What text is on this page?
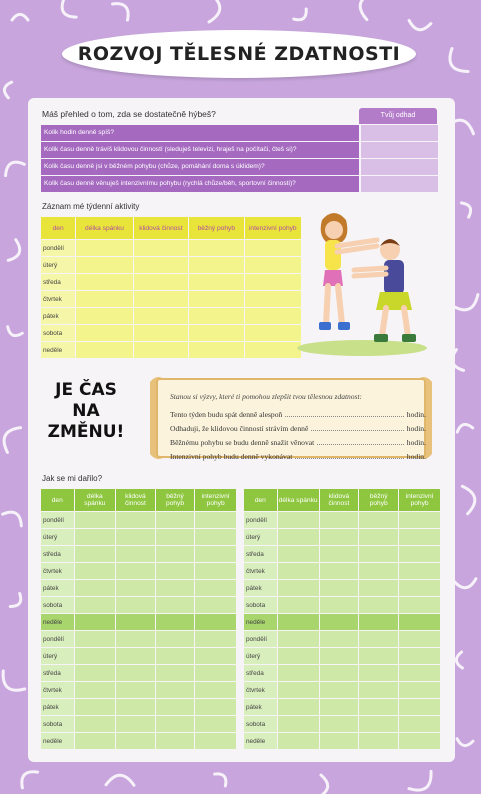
ROZVOJ TĚLESNÉ ZDATNOSTI
Máš přehled o tom, zda se dostatečně hýbeš?	Tvůj odhad
Kolik hodin denně spíš?
Kolik času denně trávíš klidovou činností (sleduješ televizi, hraješ na počítači, čteš si)?
Kolik času denně jsi v běžném pohybu (chůze, pomáhání doma s úklidem)?
Kolik času denně věnuješ intenzivnímu pohybu (rychlá chůze/běh, sportovní činnosti)?
Záznam mé týdenní aktivity
den	délka spánku	klidová činnost	běžný pohyb	intenzivní pohyb
pondělí				
úterý				
středa				
čtvrtek				
pátek				
sobota				
neděle				
Jak se mi dařilo?
den	délka spánku	klidová činnost	běžný pohyb	intenzivní pohyb
pondělí				
úterý				
středa				
čtvrtek				
pátek				
sobota				
neděle				
pondělí				
úterý				
středa				
čtvrtek				
pátek				
sobota				
neděle				
den	délka spánku	klidová činnost	běžný pohyb	intenzivní pohyb
pondělí				
úterý				
středa				
čtvrtek				
pátek				
sobota				
neděle				
pondělí				
úterý				
středa				
čtvrtek				
pátek				
sobota				
neděle				
JE ČAS
NA
ZMĚNU!
Stanou si výzvy, které ti pomohou zlepšit tvou tělesnou zdatnost:
Tento týden budu spát denně alespoň	hodin.
Odhaduji, že klidovou činností strávím denně	hodin.
Běžnému pohybu se budu denně snažit věnovat	hodin.
Intenzivní pohyb budu denně vykonávat	hodin.
